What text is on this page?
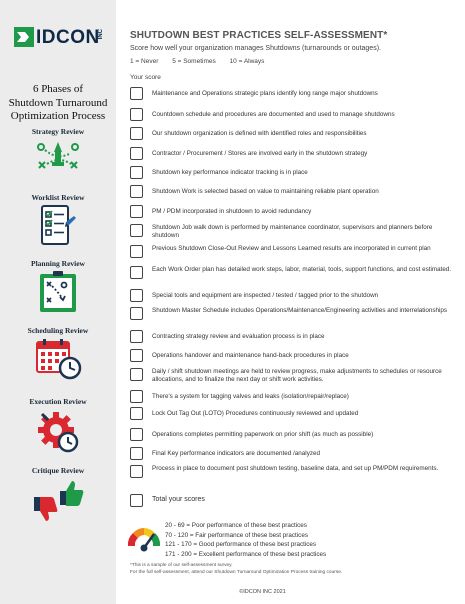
IDCON
INC
6 Phases of
Shutdown Turnaround
Optimization Process
Strategy Review
Worklist Review
Planning Review
Scheduling Review
Execution Review
Critique Review
SHUTDOWN BEST PRACTICES SELF-ASSESSMENT*
Score how well your organization manages Shutdowns (turnarounds or outages).
1 = Never 5 = Sometimes 10 = Always
Your score
Maintenance and Operations strategic plans identify long range major shutdowns
Countdown schedule and procedures are documented and used to manage shutdowns
Our shutdown organization is defined with identified roles and responsibilities
Contractor / Procurement / Stores are involved early in the shutdown strategy
Shutdown key performance indicator tracking is in place
Shutdown Work is selected based on value to maintaining reliable plant operation
PM / PDM incorporated in shutdown to avoid redundancy
Shutdown Job walk down is performed by maintenance coordinator, supervisors and planners before shutdown
Previous Shutdown Close-Out Review and Lessons Learned results are incorporated in current plan
Each Work Order plan has detailed work steps, labor, material, tools, support functions, and cost estimated.
Special tools and equipment are inspected / tested / tagged prior to the shutdown
Shutdown Master Schedule includes Operations/Maintenance/Engineering activities and interrelationships
Contracting strategy review and evaluation process is in place
Operations handover and maintenance hand-back procedures in place
Daily / shift shutdown meetings are held to review progress, make adjustments to schedules or resource allocations, and to finalize the next day or shift work activities.
There's a system for tagging valves and leaks (isolation/repair/replace)
Lock Out Tag Out (LOTO) Procedures continuously reviewed and updated
Operations completes permitting paperwork on prior shift (as much as possible)
Final Key performance indicators are documented /analyzed
Process in place to document post shutdown testing, baseline data, and set up PM/PDM requirements.
Total your scores
20 - 69 = Poor performance of these best practices
70 - 120 = Fair performance of these best practices
121 - 170 = Good performance of these best practices
171 - 200 = Excellent performance of these best practices
*This is a sample of our self-assessment survey.
For the full self-assessment, attend our Shutdown Turnaround Optimization Process training course.
©IDCON INC 2021
